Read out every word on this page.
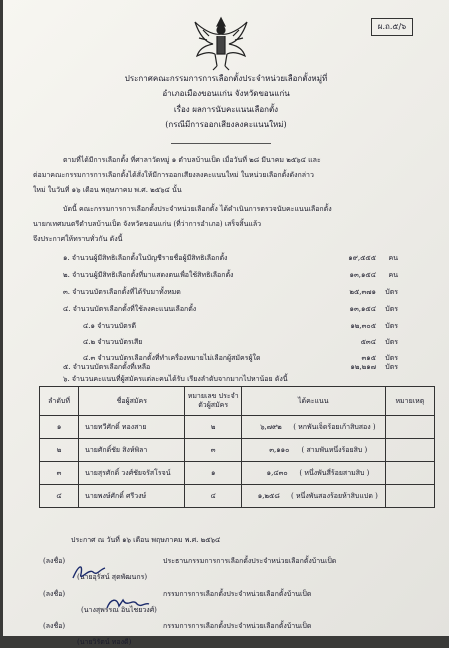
ผ.ถ.๕/๖
ประกาศคณะกรรมการการเลือกตั้งประจำหน่วยเลือกตั้งหมู่ที่
อำเภอเมืองขอนแก่น จังหวัดขอนแก่น
เรื่อง ผลการนับคะแนนเลือกตั้ง
(กรณีมีการออกเสียงลงคะแนนใหม่)
ตามที่ได้มีการเลือกตั้ง ที่ศาลาวัดหมู่ ๑ ตำบลบ้านเป็ด เมื่อวันที่ ๒๘ มีนาคม ๒๕๖๔ และ
ต่อมาคณะกรรมการการเลือกตั้งได้สั่งให้มีการออกเสียงลงคะแนนใหม่ ในหน่วยเลือกตั้งดังกล่าว
ใหม่ ในวันที่ ๑๖ เดือน พฤษภาคม พ.ศ. ๒๕๖๔ นั้น
บัดนี้ คณะกรรมการการเลือกตั้งประจำหน่วยเลือกตั้ง ได้ดำเนินการตรวจนับคะแนนเลือกตั้ง
นายกเทศมนตรีตำบลบ้านเป็ด จังหวัดขอนแก่น (ที่ว่าการอำเภอ) เสร็จสิ้นแล้ว
จึงประกาศให้ทราบทั่วกัน ดังนี้
๑. จำนวนผู้มีสิทธิเลือกตั้งในบัญชีรายชื่อผู้มีสิทธิเลือกตั้ง	๑๙,๕๕๕ คน
๒. จำนวนผู้มีสิทธิเลือกตั้งที่มาแสดงตนเพื่อใช้สิทธิเลือกตั้ง	๑๓,๑๕๔ คน
๓. จำนวนบัตรเลือกตั้งที่ได้รับมาทั้งหมด	๒๕,๓๗๑ บัตร
๔. จำนวนบัตรเลือกตั้งที่ใช้ลงคะแนนเลือกตั้ง	๑๓,๑๕๔ บัตร
๔.๑ จำนวนบัตรดี	๑๒,๓๐๕ บัตร
๔.๒ จำนวนบัตรเสีย	๕๓๔ บัตร
๔.๓ จำนวนบัตรเลือกตั้งที่ทำเครื่องหมายไม่เลือกผู้สมัครผู้ใด	๓๑๕ บัตร
๕. จำนวนบัตรเลือกตั้งที่เหลือ	๑๒,๒๑๗ บัตร
๖. จำนวนคะแนนที่ผู้สมัครแต่ละคนได้รับ เรียงลำดับจากมากไปหาน้อย ดังนี้
ลำดับที่	ชื่อผู้สมัคร	หมายเลข ประจำตัวผู้สมัคร	ได้คะแนน	หมายเหตุ
๑	นายทวีศักดิ์ ทองสาย	๒	๖,๗๙๒ ( หกพันเจ็ดร้อยเก้าสิบสอง )	
๒	นายศักดิ์ชัย สิงห์พิลา	๓	๓,๑๑๐ ( สามพันหนึ่งร้อยสิบ )	
๓	นายสุรศักดิ์ วงศ์ชัยจรัสโรจน์	๑	๑,๔๓๐ ( หนึ่งพันสี่ร้อยสามสิบ )	
๔	นายพงษ์ศักดิ์ ศรีวงษ์	๔	๑,๒๕๘ ( หนึ่งพันสองร้อยห้าสิบแปด )	
ประกาศ ณ วันที่ ๑๖ เดือน พฤษภาคม พ.ศ. ๒๕๖๔
(ลงชื่อ)	ประธานกรรมการการเลือกตั้งประจำหน่วยเลือกตั้งบ้านเป็ด
(นายอุรัสน์ สุดพัฒนกร)
(ลงชื่อ)	กรรมการการเลือกตั้งประจำหน่วยเลือกตั้งบ้านเป็ด
(นางสุพรรณ อินไชยวงศ์)
(ลงชื่อ)	กรรมการการเลือกตั้งประจำหน่วยเลือกตั้งบ้านเป็ด
(นายวิรัตน์ ทองดี)
